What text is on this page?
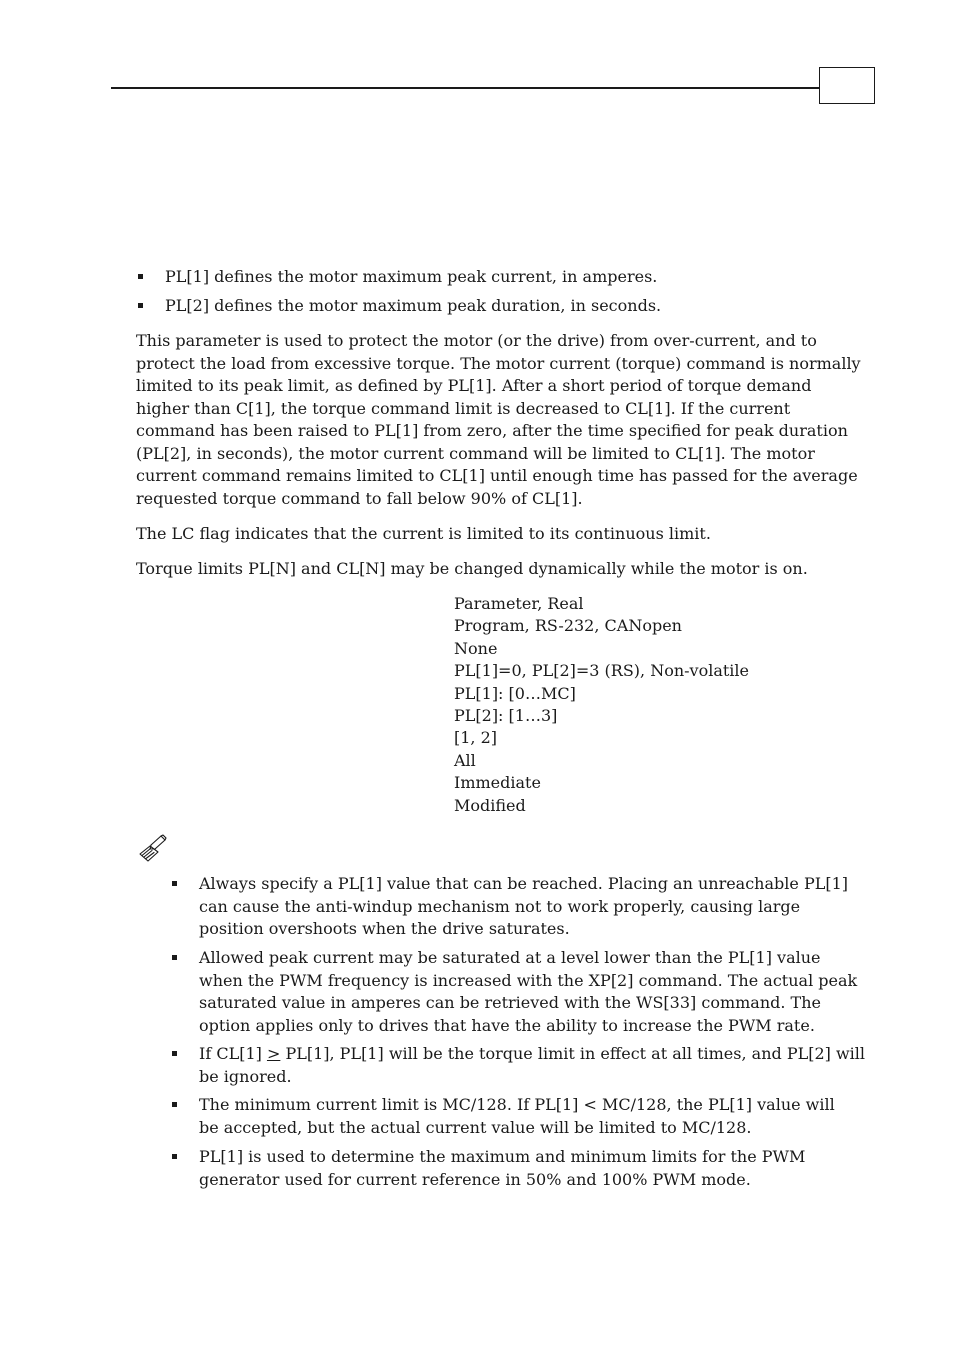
PL[1] defines the motor maximum peak current, in amperes.
PL[2] defines the motor maximum peak duration, in seconds.
This parameter is used to protect the motor (or the drive) from over-current, and to
protect the load from excessive torque. The motor current (torque) command is normally
limited to its peak limit, as defined by PL[1]. After a short period of torque demand
higher than C[1], the torque command limit is decreased to CL[1]. If the current
command has been raised to PL[1] from zero, after the time specified for peak duration
(PL[2], in seconds), the motor current command will be limited to CL[1]. The motor
current command remains limited to CL[1] until enough time has passed for the average
requested torque command to fall below 90% of CL[1].
The LC flag indicates that the current is limited to its continuous limit.
Torque limits PL[N] and CL[N] may be changed dynamically while the motor is on.
Parameter, Real
Program, RS-232, CANopen
None
PL[1]=0, PL[2]=3 (RS), Non-volatile
PL[1]: [0…MC]
PL[2]: [1…3]
[1, 2]
All
Immediate
Modified
Always specify a PL[1] value that can be reached. Placing an unreachable PL[1]
can cause the anti-windup mechanism not to work properly, causing large
position overshoots when the drive saturates.
Allowed peak current may be saturated at a level lower than the PL[1] value
when the PWM frequency is increased with the XP[2] command. The actual peak
saturated value in amperes can be retrieved with the WS[33] command. The
option applies only to drives that have the ability to increase the PWM rate.
If CL[1] > PL[1], PL[1] will be the torque limit in effect at all times, and PL[2] will
be ignored.
The minimum current limit is MC/128. If PL[1] < MC/128, the PL[1] value will
be accepted, but the actual current value will be limited to MC/128.
PL[1] is used to determine the maximum and minimum limits for the PWM
generator used for current reference in 50% and 100% PWM mode.
